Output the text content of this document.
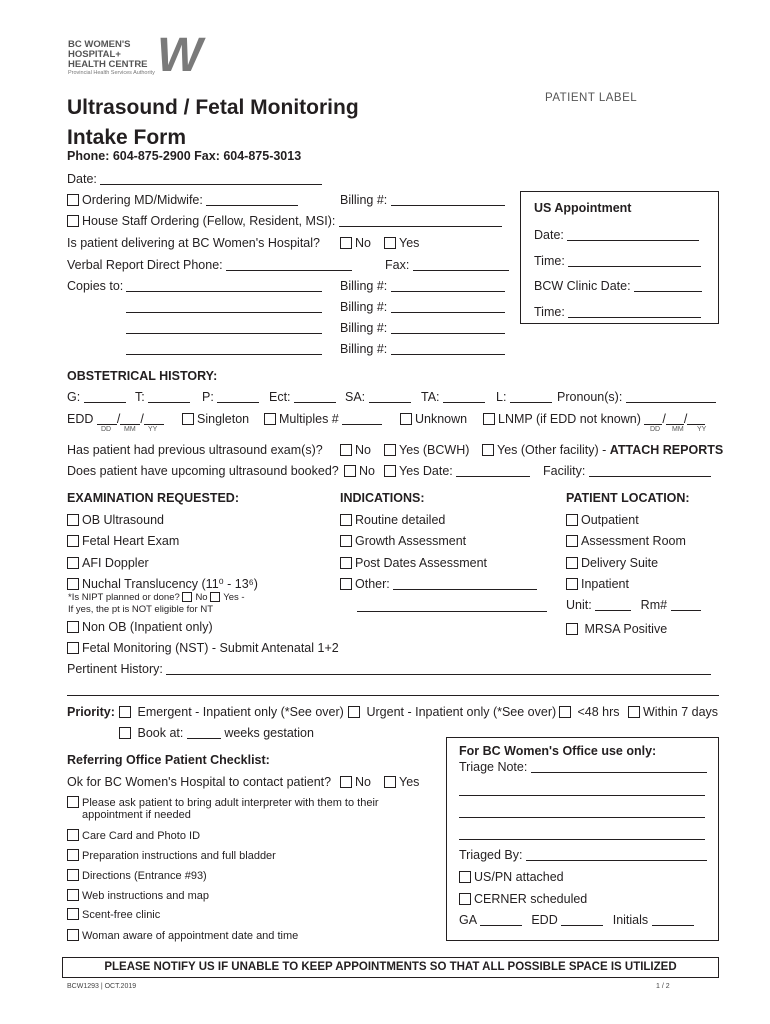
BC WOMEN'S
HOSPITAL+
HEALTH CENTRE
Provincial Health Services Authority W
PATIENT LABEL
Ultrasound / Fetal Monitoring
Intake Form
Phone: 604-875-2900 Fax: 604-875-3013
Date:
Ordering MD/Midwife:	Billing #:
House Staff Ordering (Fellow, Resident, MSI):
Is patient delivering at BC Women's Hospital?	No	Yes
Verbal Report Direct Phone:	Fax:
Copies to:	Billing #:
Billing #:
Billing #:
Billing #:
US Appointment
Date:
Time:
BCW Clinic Date:
Time:
OBSTETRICAL HISTORY:
G:	T:	P:	Ect:	SA:	TA:	L:	Pronoun(s):
EDD / /
DD MM YY
Singleton	Multiples #	Unknown	LNMP (if EDD not known) / /
DD MM YY
Has patient had previous ultrasound exam(s)?	No	Yes (BCWH)	Yes (Other facility) - ATTACH REPORTS
Does patient have upcoming ultrasound booked?	No	Yes Date:	Facility:
EXAMINATION REQUESTED:	INDICATIONS:	PATIENT LOCATION:
OB Ultrasound
Fetal Heart Exam
AFI Doppler
Nuchal Translucency (11⁰ - 13⁶)
*Is NIPT planned or done? No Yes -
If yes, the pt is NOT eligible for NT
Non OB (Inpatient only)
Fetal Monitoring (NST) - Submit Antenatal 1+2
Routine detailed
Growth Assessment
Post Dates Assessment
Other:
Outpatient
Assessment Room
Delivery Suite
Inpatient
Unit:	Rm#
MRSA Positive
Pertinent History:
Priority:	Emergent - Inpatient only (*See over)	Urgent - Inpatient only (*See over)	<48 hrs	Within 7 days
Book at:	weeks gestation
Referring Office Patient Checklist:
Ok for BC Women's Hospital to contact patient?	No	Yes
Please ask patient to bring adult interpreter with them to their
appointment if needed
Care Card and Photo ID
Preparation instructions and full bladder
Directions (Entrance #93)
Web instructions and map
Scent-free clinic
Woman aware of appointment date and time
For BC Women's Office use only:
Triage Note:
Triaged By:
US/PN attached
CERNER scheduled
GA	EDD	Initials
PLEASE NOTIFY US IF UNABLE TO KEEP APPOINTMENTS SO THAT ALL POSSIBLE SPACE IS UTILIZED
BCW1293 | OCT.2019	1 / 2
